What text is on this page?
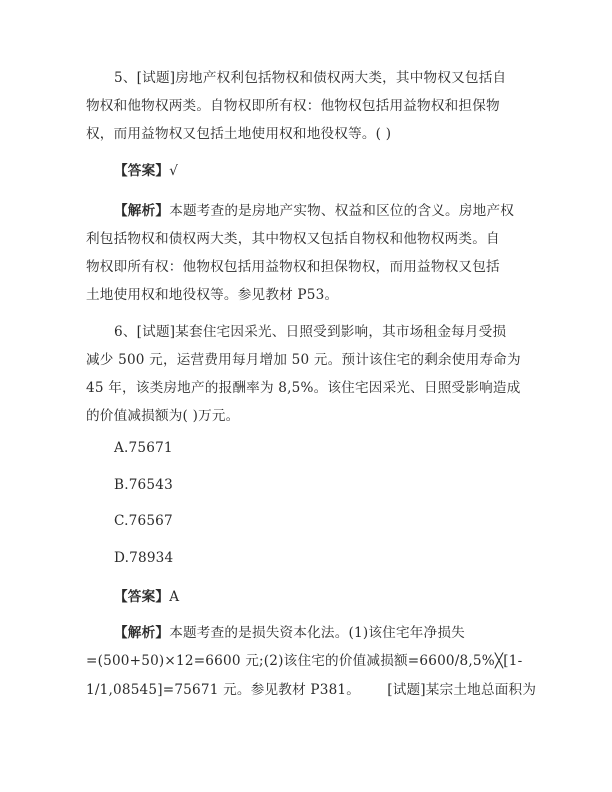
5、[试题]房地产权利包括物权和债权两大类，其中物权又包括自
物权和他物权两类。自物权即所有权：他物权包括用益物权和担保物
权，而用益物权又包括土地使用权和地役权等。( )
【答案】√
【解析】本题考查的是房地产实物、权益和区位的含义。房地产权
利包括物权和债权两大类，其中物权又包括自物权和他物权两类。自
物权即所有权：他物权包括用益物权和担保物权，而用益物权又包括
土地使用权和地役权等。参见教材 P53。
6、[试题]某套住宅因采光、日照受到影响，其市场租金每月受损
减少 500 元，运营费用每月增加 50 元。预计该住宅的剩余使用寿命为
45 年，该类房地产的报酬率为 8,5%。该住宅因采光、日照受影响造成
的价值减损额为( )万元。
A.75671
B.76543
C.76567
D.78934
【答案】A
【解析】本题考查的是损失资本化法。(1)该住宅年净损失
=(500+50)×12=6600 元;(2)该住宅的价值减损额=6600/8,5%╳[1-
1/1,08545]=75671 元。参见教材 P381。      [试题]某宗土地总面积为
